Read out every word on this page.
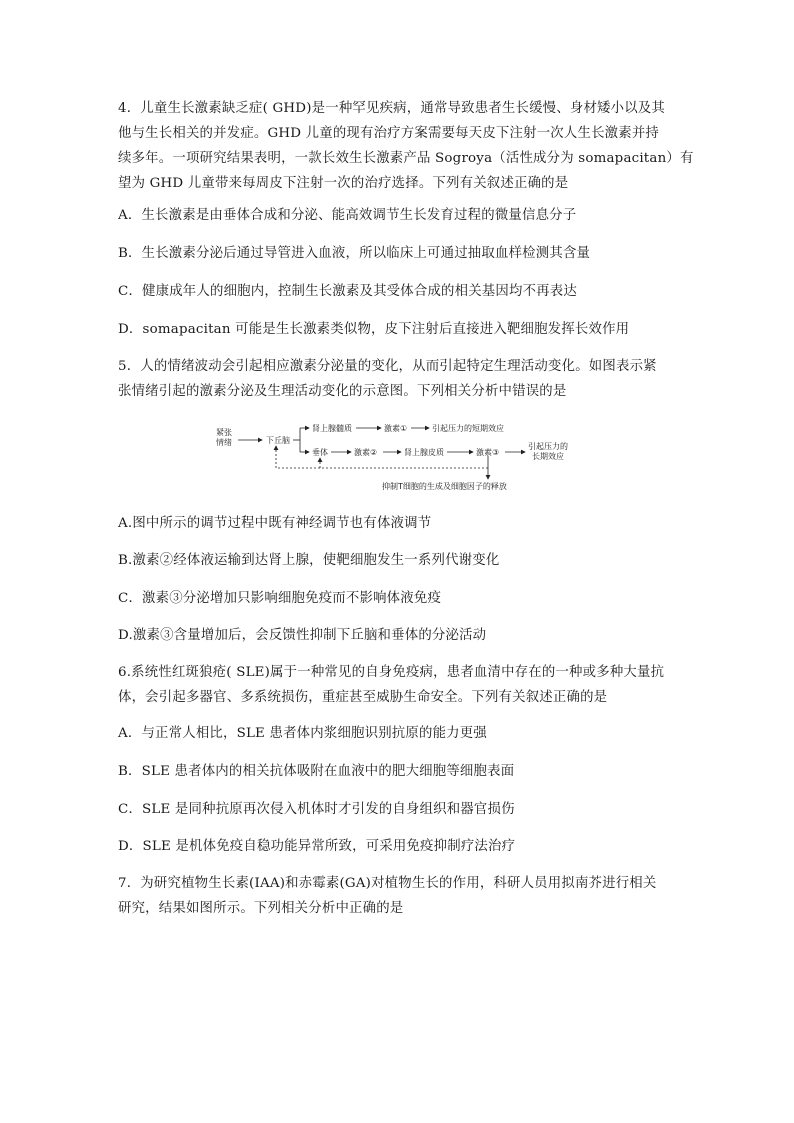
4．儿童生长激素缺乏症( GHD)是一种罕见疾病，通常导致患者生长缓慢、身材矮小以及其
他与生长相关的并发症。GHD 儿童的现有治疗方案需要每天皮下注射一次人生长激素并持
续多年。一项研究结果表明，一款长效生长激素产品 Sogroya（活性成分为 somapacitan）有
望为 GHD 儿童带来每周皮下注射一次的治疗选择。下列有关叙述正确的是
A．生长激素是由垂体合成和分泌、能高效调节生长发育过程的微量信息分子
B．生长激素分泌后通过导管进入血液，所以临床上可通过抽取血样检测其含量
C．健康成年人的细胞内，控制生长激素及其受体合成的相关基因均不再表达
D．somapacitan 可能是生长激素类似物，皮下注射后直接进入靶细胞发挥长效作用
5．人的情绪波动会引起相应激素分泌量的变化，从而引起特定生理活动变化。如图表示紧
张情绪引起的激素分泌及生理活动变化的示意图。下列相关分析中错误的是
紧张
情绪	下丘脑
肾上腺髓质	激素①	引起压力的短期效应
垂体	激素②	肾上腺皮质	激素③
引起压力的
长期效应
抑制T细胞的生成及细胞因子的释放
A.图中所示的调节过程中既有神经调节也有体液调节
B.激素②经体液运输到达肾上腺，使靶细胞发生一系列代谢变化
C．激素③分泌增加只影响细胞免疫而不影响体液免疫
D.激素③含量增加后，会反馈性抑制下丘脑和垂体的分泌活动
6.系统性红斑狼疮( SLE)属于一种常见的自身免疫病，患者血清中存在的一种或多种大量抗
体，会引起多器官、多系统损伤，重症甚至威胁生命安全。下列有关叙述正确的是
A．与正常人相比，SLE 患者体内浆细胞识别抗原的能力更强
B．SLE 患者体内的相关抗体吸附在血液中的肥大细胞等细胞表面
C．SLE 是同种抗原再次侵入机体时才引发的自身组织和器官损伤
D．SLE 是机体免疫自稳功能异常所致，可采用免疫抑制疗法治疗
7．为研究植物生长素(IAA)和赤霉素(GA)对植物生长的作用，科研人员用拟南芥进行相关
研究，结果如图所示。下列相关分析中正确的是
